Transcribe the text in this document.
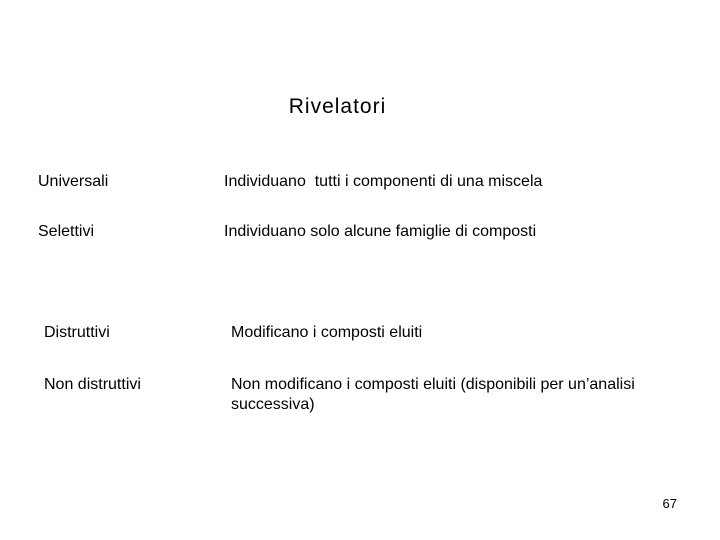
Rivelatori
Universali	Individuano  tutti i componenti di una miscela
Selettivi	Individuano solo alcune famiglie di composti
Distruttivi	Modificano i composti eluiti
Non distruttivi	Non modificano i composti eluiti (disponibili per un’analisi successiva)
67
